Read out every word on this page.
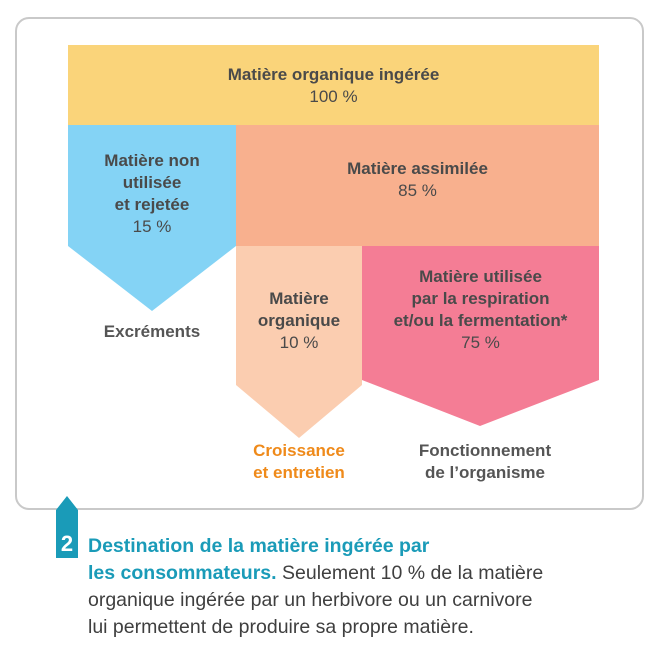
Matière organique ingérée
100 %
Matière non
utilisée
et rejetée
15 %
Matière assimilée
85 %
Matière
organique
10 %
Matière utilisée
par la respiration
et/ou la fermentation*
75 %
Excréments
Croissance
et entretien
Fonctionnement
de l’organisme
2 Destination de la matière ingérée par
les consommateurs. Seulement 10 % de la matière
organique ingérée par un herbivore ou un carnivore
lui permettent de produire sa propre matière.
